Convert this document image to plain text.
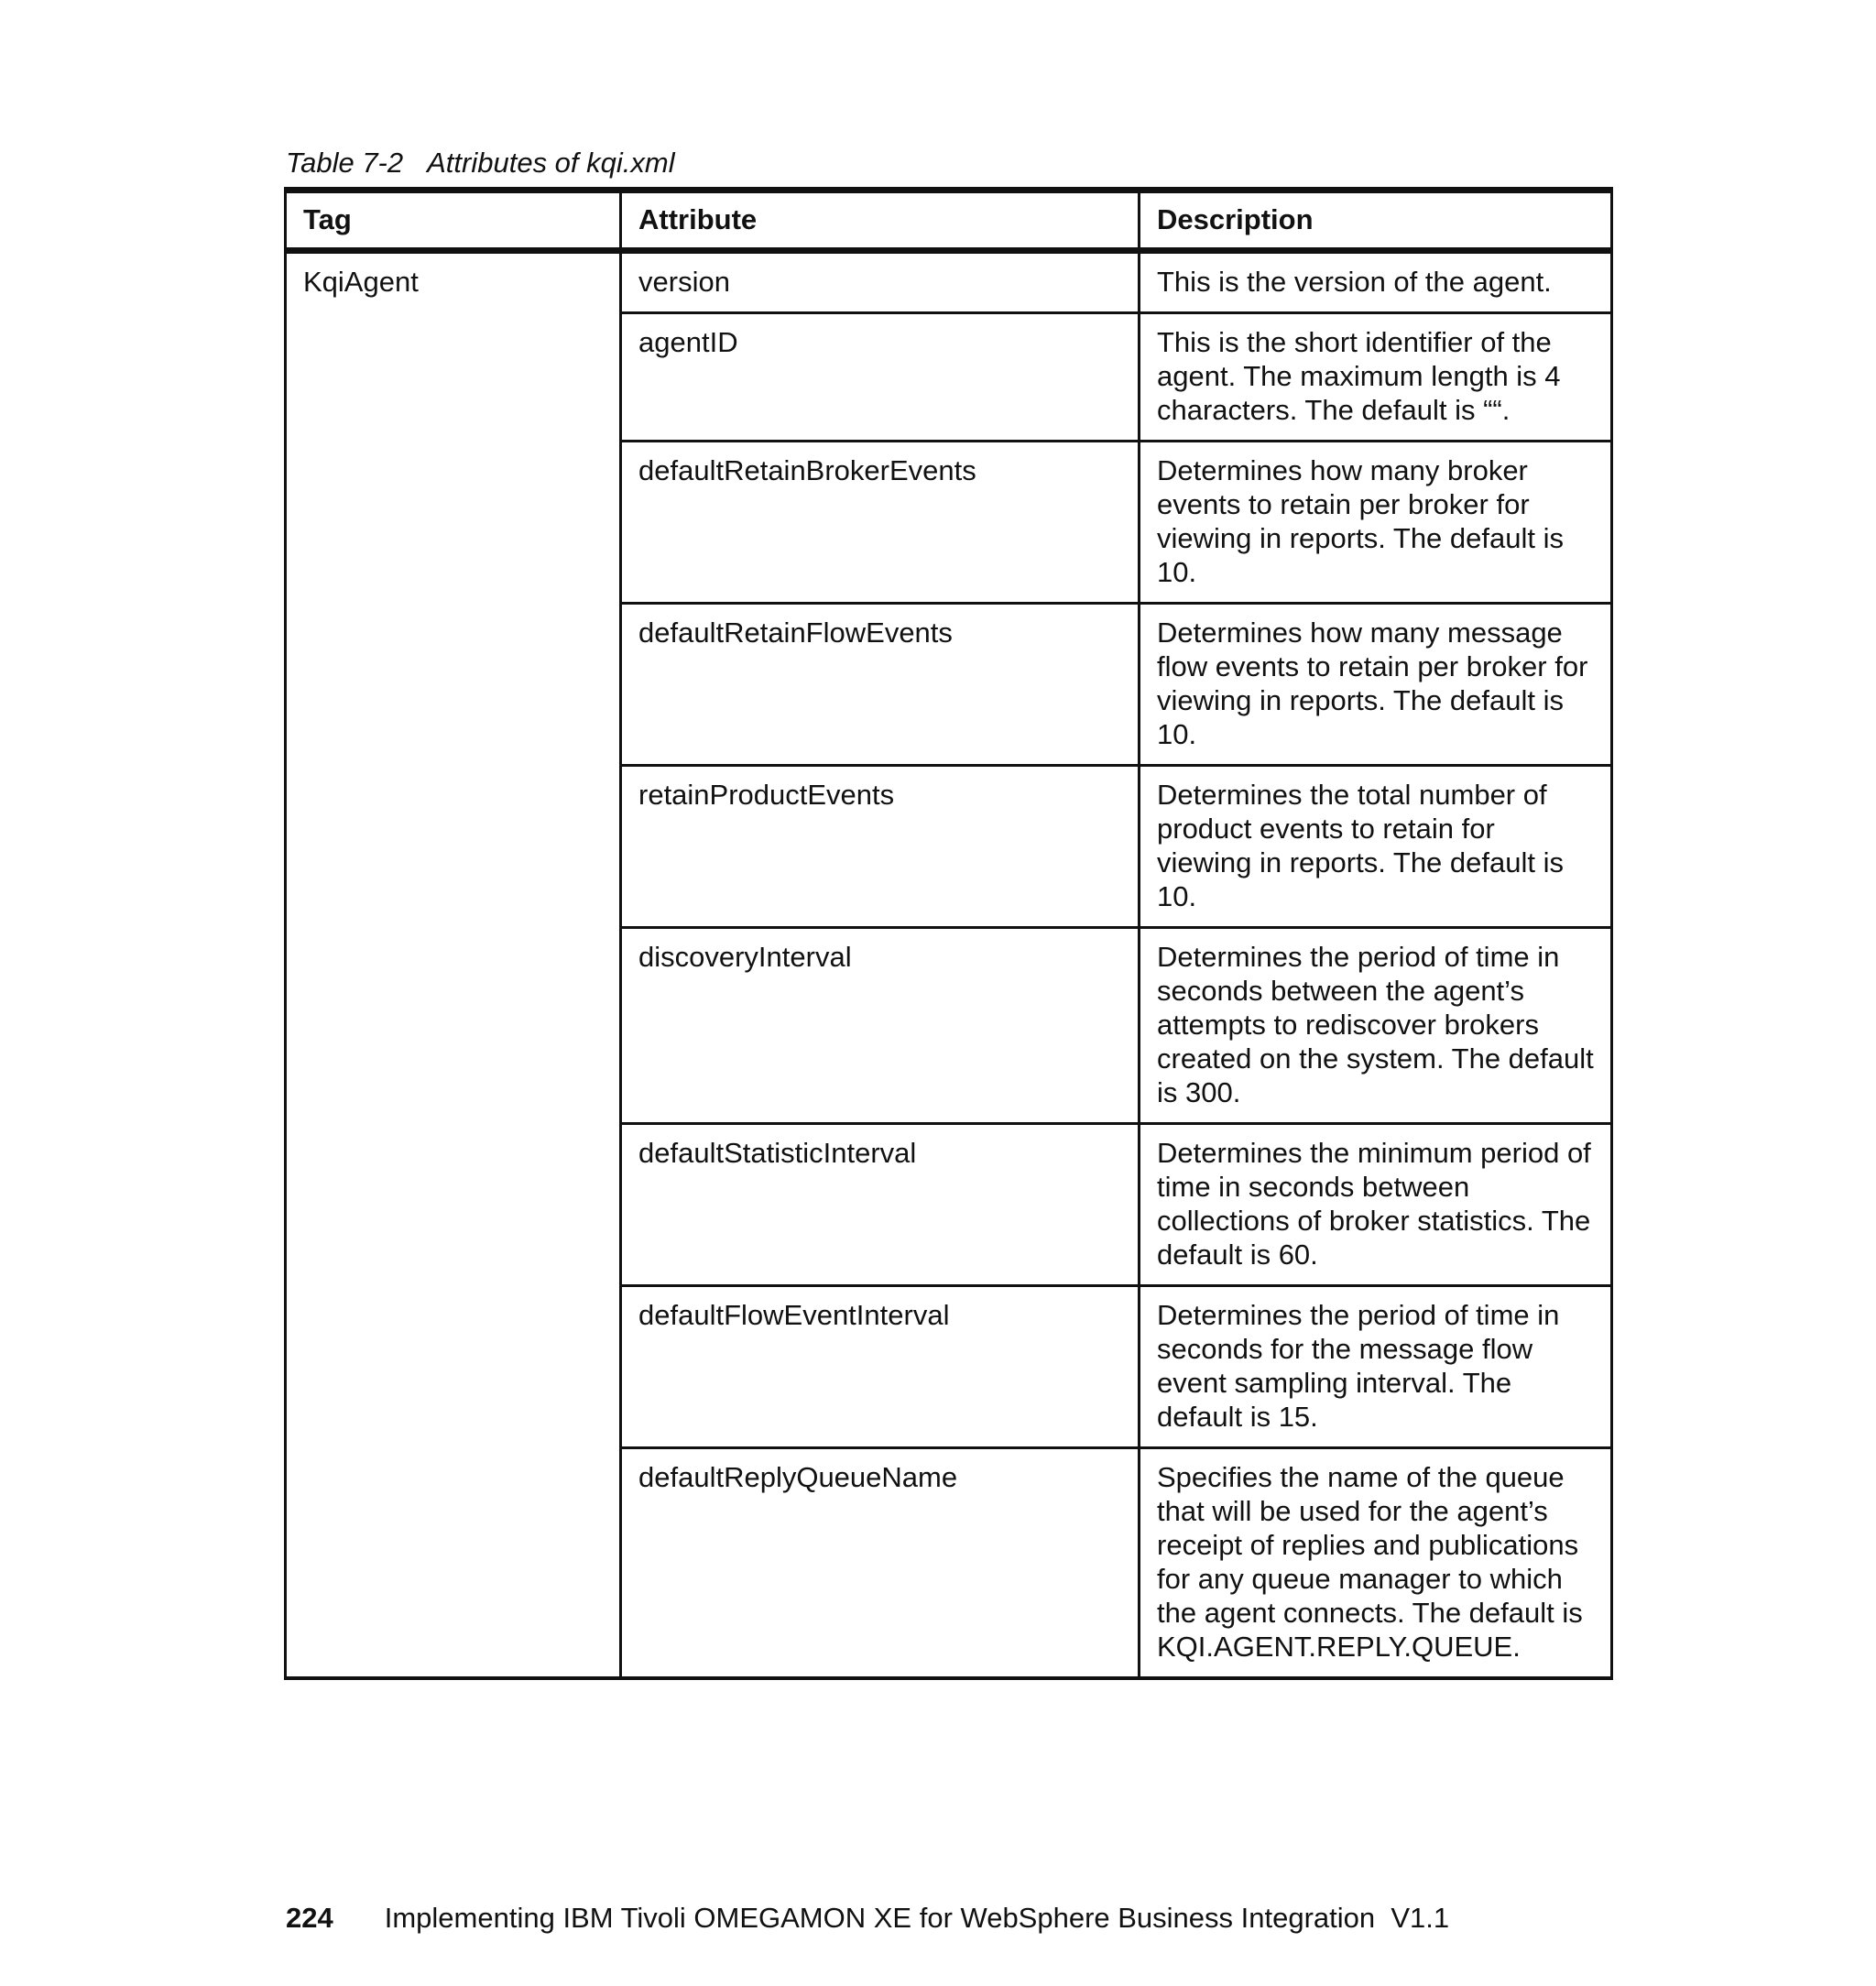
Table 7-2 Attributes of kqi.xml
Tag	Attribute	Description
KqiAgent	version	This is the version of the agent.
	agentID	This is the short identifier of the agent. The maximum length is 4 characters. The default is ““.
	defaultRetainBrokerEvents	Determines how many broker events to retain per broker for viewing in reports. The default is 10.
	defaultRetainFlowEvents	Determines how many message flow events to retain per broker for viewing in reports. The default is 10.
	retainProductEvents	Determines the total number of product events to retain for viewing in reports. The default is 10.
	discoveryInterval	Determines the period of time in seconds between the agent’s attempts to rediscover brokers created on the system. The default is 300.
	defaultStatisticInterval	Determines the minimum period of time in seconds between collections of broker statistics. The default is 60.
	defaultFlowEventInterval	Determines the period of time in seconds for the message flow event sampling interval. The default is 15.
	defaultReplyQueueName	Specifies the name of the queue that will be used for the agent’s receipt of replies and publications for any queue manager to which the agent connects. The default is KQI.AGENT.REPLY.QUEUE.
224 Implementing IBM Tivoli OMEGAMON XE for WebSphere Business Integration  V1.1
